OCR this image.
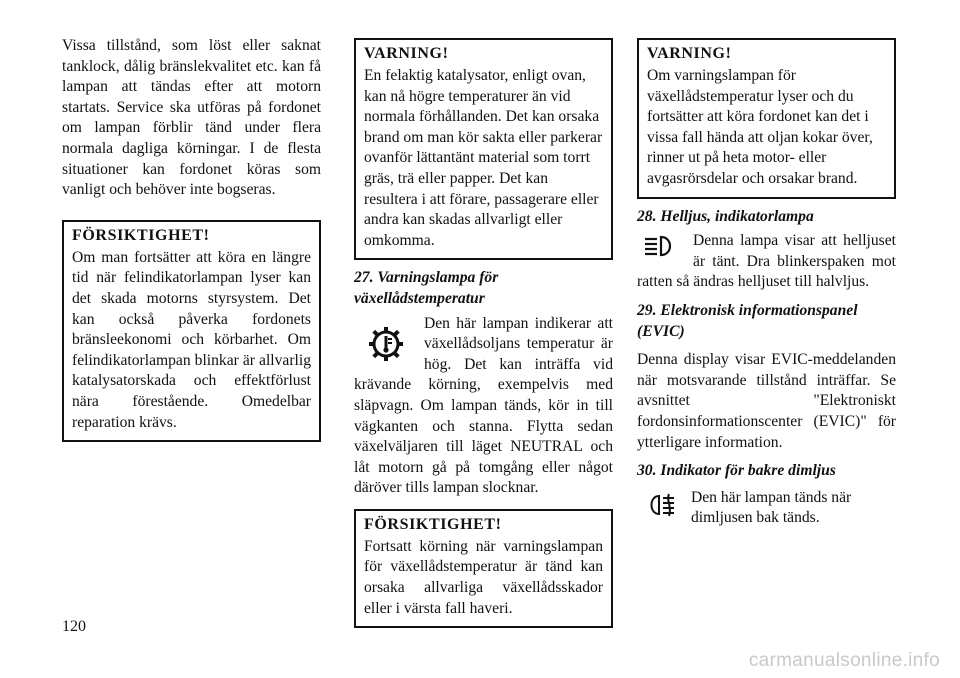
Vissa tillstånd, som löst eller saknat tanklock, dålig bränslekvalitet etc. kan få lampan att tändas efter att motorn startats. Service ska utföras på fordonet om lampan förblir tänd under flera normala dagliga körningar. I de flesta situationer kan fordonet köras som vanligt och behöver inte bogseras.

FÖRSIKTIGHET!

Om man fortsätter att köra en längre tid när felindikatorlampan lyser kan det skada motorns styrsystem. Det kan också påverka fordonets bränsleekonomi och körbarhet. Om felindikatorlampan blinkar är allvarlig katalysatorskada och effektförlust nära förestående. Omedelbar reparation krävs.

VARNING!

En felaktig katalysator, enligt ovan, kan nå högre temperaturer än vid normala förhållanden. Det kan orsaka brand om man kör sakta eller parkerar ovanför lättantänt material som torrt gräs, trä eller papper. Det kan resultera i att förare, passagerare eller andra kan skadas allvarligt eller omkomma.

27. Varningslampa för växellådstemperatur

Den här lampan indikerar att växellådsoljans temperatur är hög. Det kan inträffa vid krävande körning, exempelvis med släpvagn. Om lampan tänds, kör in till vägkanten och stanna. Flytta sedan växelväljaren till läget NEUTRAL och låt motorn gå på tomgång eller något däröver tills lampan slocknar.

FÖRSIKTIGHET!

Fortsatt körning när varningslampan för växellådstemperatur är tänd kan orsaka allvarliga växellådsskador eller i värsta fall haveri.

VARNING!

Om varningslampan för växellådstemperatur lyser och du fortsätter att köra fordonet kan det i vissa fall hända att oljan kokar över, rinner ut på heta motor- eller avgasrörsdelar och orsakar brand.

28. Helljus, indikatorlampa

Denna lampa visar att helljuset är tänt. Dra blinkerspaken mot ratten så ändras helljuset till halvljus.

29. Elektronisk informationspanel (EVIC)

Denna display visar EVIC-meddelanden när motsvarande tillstånd inträffar. Se avsnittet "Elektroniskt fordonsinformationscenter (EVIC)" för ytterligare information.

30. Indikator för bakre dimljus

Den här lampan tänds när dimljusen bak tänds.

120
carmanualsonline.info
